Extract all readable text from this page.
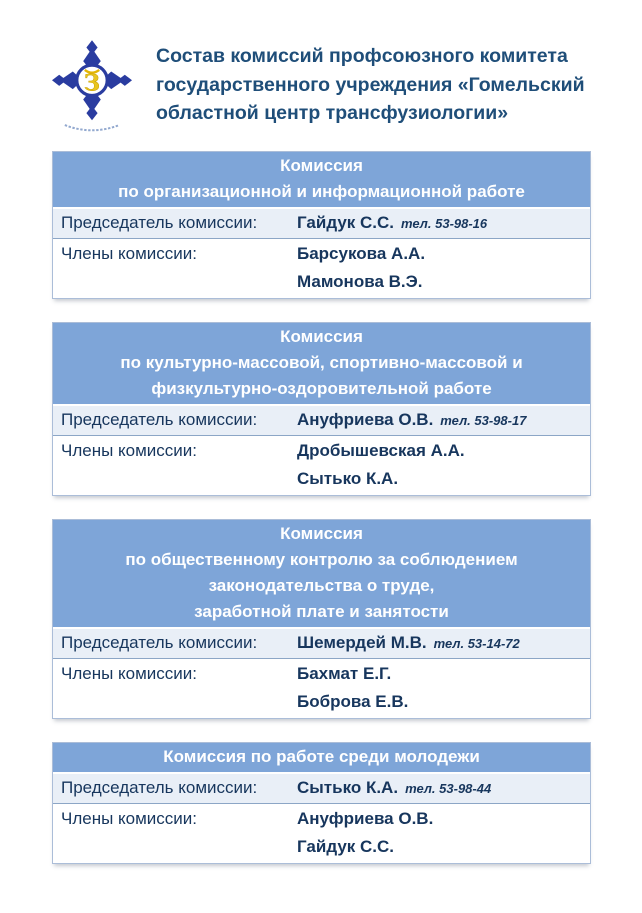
З
Состав комиссий профсоюзного комитета
государственного учреждения «Гомельский
областной центр трансфузиологии»
Комиссия
по организационной и информационной работе
Председатель комиссии:	Гайдук С.С. тел. 53-98-16
Члены комиссии:	Барсукова А.А.
Мамонова В.Э.
Комиссия
по культурно-массовой, спортивно-массовой и
физкультурно-оздоровительной работе
Председатель комиссии:	Ануфриева О.В. тел. 53-98-17
Члены комиссии:	Дробышевская А.А.
Сытько К.А.
Комиссия
по общественному контролю за соблюдением
законодательства о труде,
заработной плате и занятости
Председатель комиссии:	Шемердей М.В. тел. 53-14-72
Члены комиссии:	Бахмат Е.Г.
Боброва Е.В.
Комиссия по работе среди молодежи
Председатель комиссии:	Сытько К.А. тел. 53-98-44
Члены комиссии:	Ануфриева О.В.
Гайдук С.С.
